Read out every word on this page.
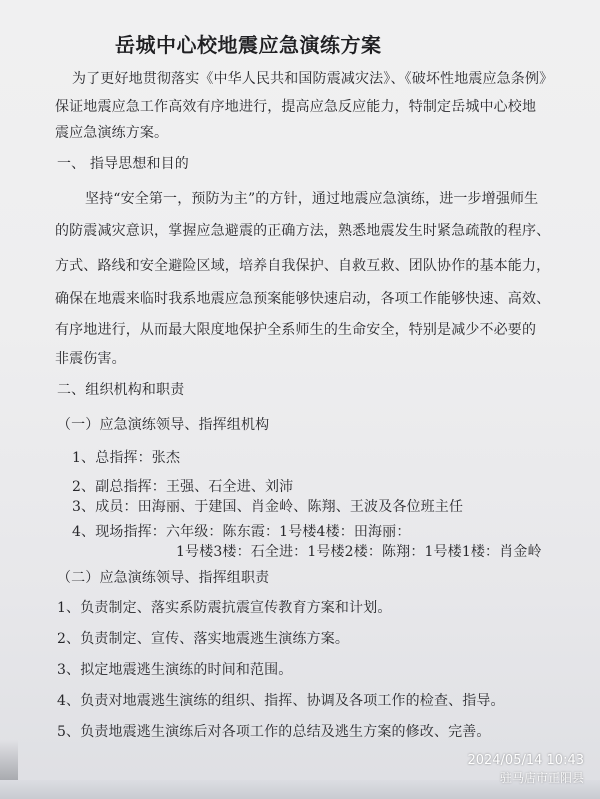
岳城中心校地震应急演练方案
为了更好地贯彻落实《中华人民共和国防震减灾法》、《破坏性地震应急条例》
保证地震应急工作高效有序地进行，提高应急反应能力，特制定岳城中心校地
震应急演练方案。
一、 指导思想和目的
坚持“安全第一，预防为主”的方针，通过地震应急演练，进一步增强师生
的防震减灾意识，掌握应急避震的正确方法，熟悉地震发生时紧急疏散的程序、
方式、路线和安全避险区域，培养自我保护、自救互救、团队协作的基本能力，
确保在地震来临时我系地震应急预案能够快速启动，各项工作能够快速、高效、
有序地进行，从而最大限度地保护全系师生的生命安全，特别是减少不必要的
非震伤害。
二、组织机构和职责
（一）应急演练领导、指挥组机构
1、总指挥：张杰
2、副总指挥：王强、石全进、刘沛
3、成员：田海丽、于建国、肖金岭、陈翔、王波及各位班主任
4、现场指挥：六年级：陈东霞：1号楼4楼：田海丽：
1号楼3楼：石全进：1号楼2楼：陈翔：1号楼1楼：肖金岭
（二）应急演练领导、指挥组职责
1、负责制定、落实系防震抗震宣传教育方案和计划。
2、负责制定、宣传、落实地震逃生演练方案。
3、拟定地震逃生演练的时间和范围。
4、负责对地震逃生演练的组织、指挥、协调及各项工作的检查、指导。
5、负责地震逃生演练后对各项工作的总结及逃生方案的修改、完善。
2024/05/14 10:43
驻马店市正阳县
